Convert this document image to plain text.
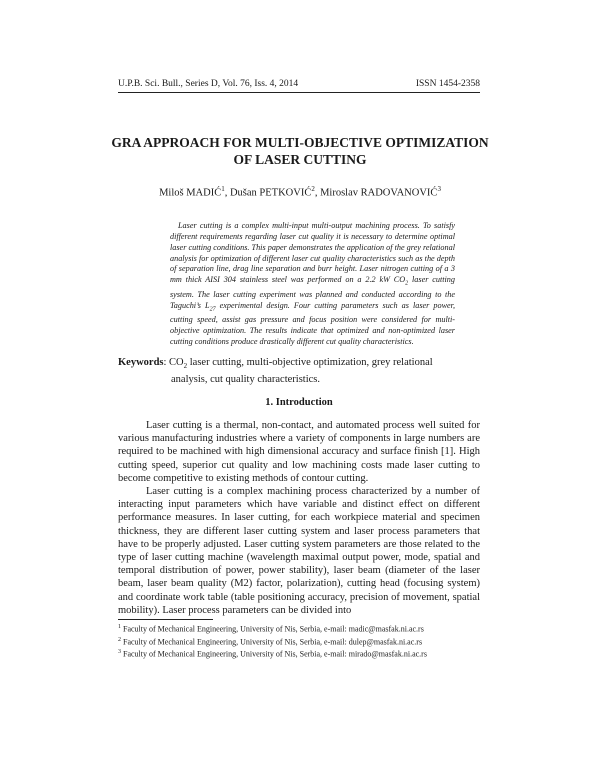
U.P.B. Sci. Bull., Series D, Vol. 76, Iss. 4, 2014	ISSN 1454-2358
GRA APPROACH FOR MULTI-OBJECTIVE OPTIMIZATION
OF LASER CUTTING
Miloš MADIĆ$^1$, Dušan PETKOVIĆ$^2$, Miroslav RADOVANOVIĆ$^3$
Laser cutting is a complex multi-input multi-output machining process. To satisfy different requirements regarding laser cut quality it is necessary to determine optimal laser cutting conditions. This paper demonstrates the application of the grey relational analysis for optimization of different laser cut quality characteristics such as the depth of separation line, drag line separation and burr height. Laser nitrogen cutting of a 3 mm thick AISI 304 stainless steel was performed on a 2.2 kW $CO_2$ laser cutting system. The laser cutting experiment was planned and conducted according to the Taguchi’s $L_{27}$ experimental design. Four cutting parameters such as laser power, cutting speed, assist gas pressure and focus position were considered for multi-objective optimization. The results indicate that optimized and non-optimized laser cutting conditions produce drastically different cut quality characteristics.
Keywords: $CO_2$ laser cutting, multi-objective optimization, grey relational
analysis, cut quality characteristics.
1. Introduction

Laser cutting is a thermal, non-contact, and automated process well suited for various manufacturing industries where a variety of components in large numbers are required to be machined with high dimensional accuracy and surface finish [1]. High cutting speed, superior cut quality and low machining costs made laser cutting to become competitive to existing methods of contour cutting.

Laser cutting is a complex machining process characterized by a number of interacting input parameters which have variable and distinct effect on different performance measures. In laser cutting, for each workpiece material and specimen thickness, they are different laser cutting system and laser process parameters that have to be properly adjusted. Laser cutting system parameters are those related to the type of laser cutting machine (wavelength maximal output power, mode, spatial and temporal distribution of power, power stability), laser beam (diameter of the laser beam, laser beam quality (M2) factor, polarization), cutting head (focusing system) and coordinate work table (table positioning accuracy, precision of movement, spatial mobility). Laser process parameters can be divided into

$^1$ Faculty of Mechanical Engineering, University of Nis, Serbia, e-mail: madic@masfak.ni.ac.rs
$^2$ Faculty of Mechanical Engineering, University of Nis, Serbia, e-mail: dulep@masfak.ni.ac.rs
$^3$ Faculty of Mechanical Engineering, University of Nis, Serbia, e-mail: mirado@masfak.ni.ac.rs
